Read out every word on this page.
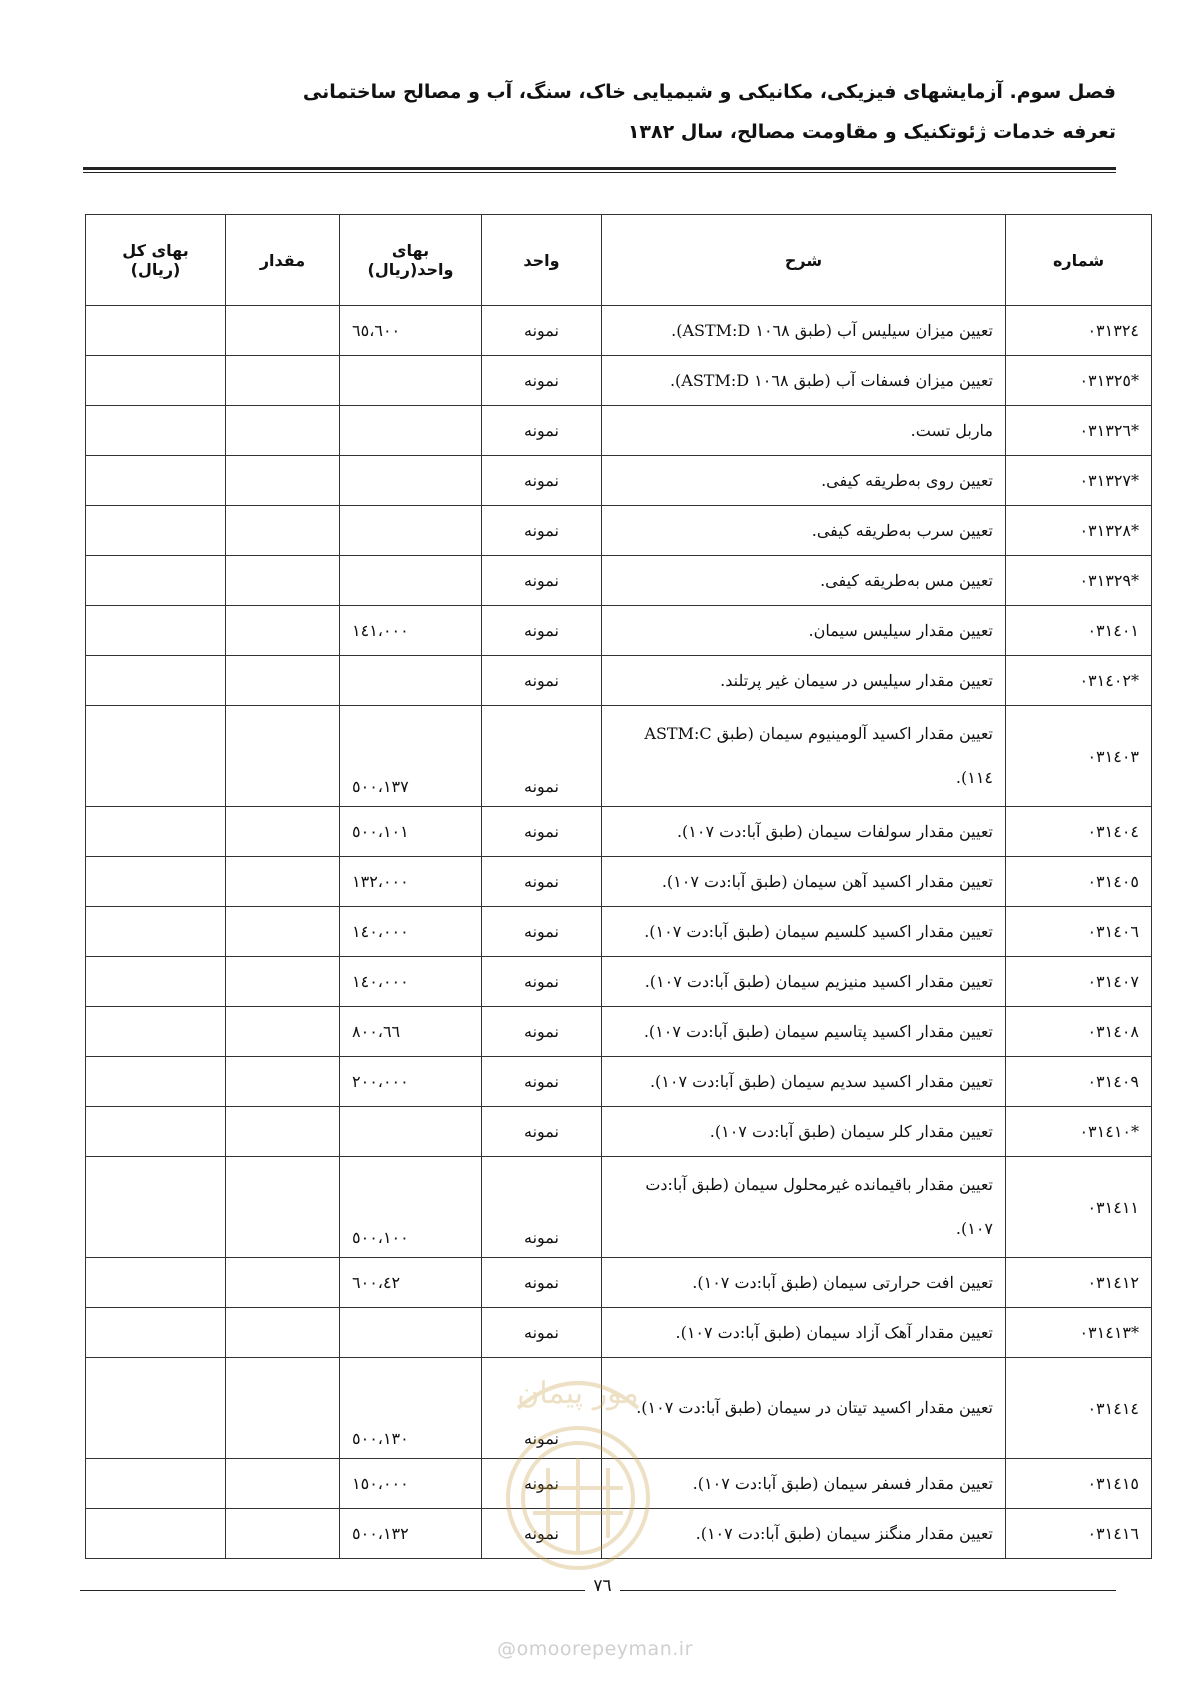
فصل سوم. آزمایشهای فیزیکی، مکانیکی و شیمیایی خاک، سنگ، آب و مصالح ساختمانی
تعرفه خدمات ژئوتکنیک و مقاومت مصالح، سال ۱۳۸۲
شماره	شرح	واحد	بهای واحد(ریال)	مقدار	بهای کل (ریال)
۰۳۱۳۲٤	تعیین میزان سیلیس آب (طبق ASTM:D ۱۰٦۸).	نمونه	٦٥،٦۰۰		
*۰۳۱۳۲٥	تعیین میزان فسفات آب (طبق ASTM:D ۱۰٦۸).	نمونه			
*۰۳۱۳۲٦	ماربل تست.	نمونه			
*۰۳۱۳۲۷	تعیین روی به‌طریقه کیفی.	نمونه			
*۰۳۱۳۲۸	تعیین سرب به‌طریقه کیفی.	نمونه			
*۰۳۱۳۲۹	تعیین مس به‌طریقه کیفی.	نمونه			
۰۳۱٤۰۱	تعیین مقدار سیلیس سیمان.	نمونه	۱٤۱،۰۰۰		
*۰۳۱٤۰۲	تعیین مقدار سیلیس در سیمان غیر پرتلند.	نمونه			
۰۳۱٤۰۳	تعیین مقدار اکسید آلومینیوم سیمان (طبق ASTM:C ۱۱٤).	نمونه	۱۳۷،٥۰۰		
۰۳۱٤۰٤	تعیین مقدار سولفات سیمان (طبق آبا:دت ۱۰۷).	نمونه	۱۰۱،٥۰۰		
۰۳۱٤۰٥	تعیین مقدار اکسید آهن سیمان (طبق آبا:دت ۱۰۷).	نمونه	۱۳۲،۰۰۰		
۰۳۱٤۰٦	تعیین مقدار اکسید کلسیم سیمان (طبق آبا:دت ۱۰۷).	نمونه	۱٤۰،۰۰۰		
۰۳۱٤۰۷	تعیین مقدار اکسید منیزیم سیمان (طبق آبا:دت ۱۰۷).	نمونه	۱٤۰،۰۰۰		
۰۳۱٤۰۸	تعیین مقدار اکسید پتاسیم سیمان (طبق آبا:دت ۱۰۷).	نمونه	٦٦،۸۰۰		
۰۳۱٤۰۹	تعیین مقدار اکسید سدیم سیمان (طبق آبا:دت ۱۰۷).	نمونه	۲۰۰،۰۰۰		
*۰۳۱٤۱۰	تعیین مقدار کلر سیمان (طبق آبا:دت ۱۰۷).	نمونه			
۰۳۱٤۱۱	تعیین مقدار باقیمانده غیرمحلول سیمان (طبق آبا:دت ۱۰۷).	نمونه	۱۰۰،٥۰۰		
۰۳۱٤۱۲	تعیین افت حرارتی سیمان (طبق آبا:دت ۱۰۷).	نمونه	٤۲،٦۰۰		
*۰۳۱٤۱۳	تعیین مقدار آهک آزاد سیمان (طبق آبا:دت ۱۰۷).	نمونه			
۰۳۱٤۱٤	تعیین مقدار اکسید تیتان در سیمان (طبق آبا:دت ۱۰۷).	نمونه	۱۳۰،٥۰۰		
۰۳۱٤۱٥	تعیین مقدار فسفر سیمان (طبق آبا:دت ۱۰۷).	نمونه	۱٥۰،۰۰۰		
۰۳۱٤۱٦	تعیین مقدار منگنز سیمان (طبق آبا:دت ۱۰۷).	نمونه	۱۳۲،٥۰۰		
ﻣﻮﺭ ﭘﯿﻤﺎﻥ
٧٦
@omoorepeyman.ir
